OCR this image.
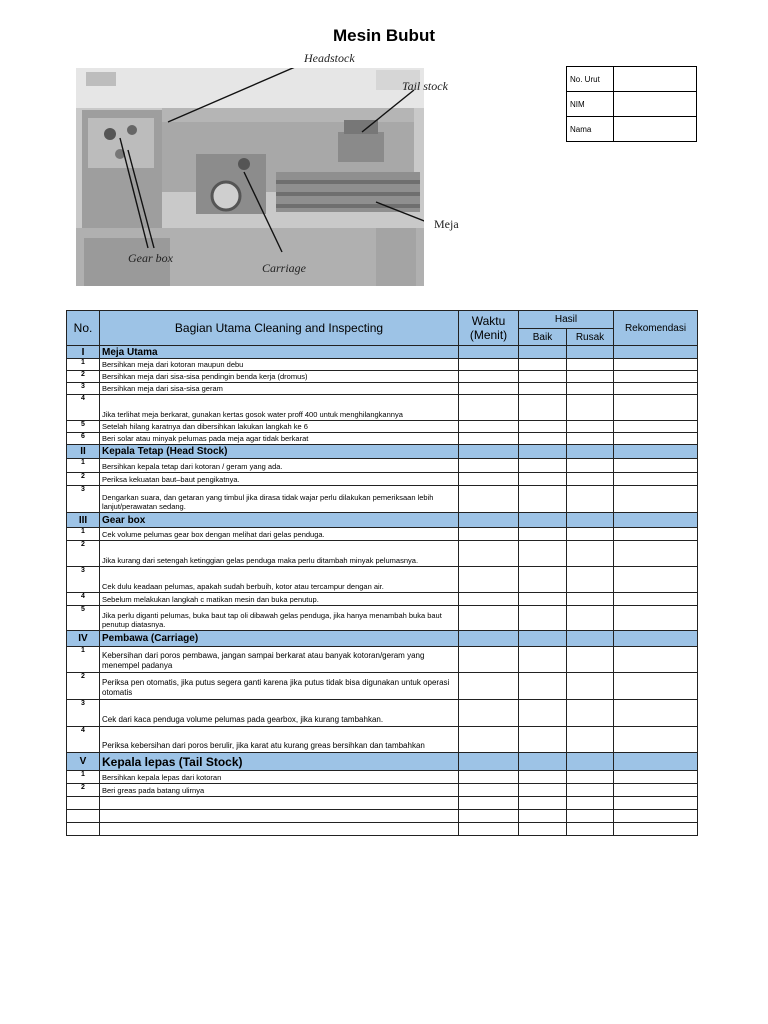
Mesin Bubut
Headstock
Tail stock
Meja
Gear box
Carriage
No. Urut	
NIM	
Nama	
No.	Bagian Utama Cleaning and Inspecting	Waktu
(Menit)	Hasil		Rekomendasi
			Baik	Rusak	
I	Meja Utama				
1	Bersihkan meja dari kotoran maupun debu				
2	Bersihkan meja dari sisa-sisa pendingin benda kerja (dromus)				
3	Bersihkan meja dari sisa-sisa geram				
4	Jika terlihat meja berkarat, gunakan kertas gosok water proff 400 untuk menghilangkannya				
5	Setelah hilang karatnya dan dibersihkan lakukan langkah ke 6				
6	Beri solar atau minyak pelumas pada meja agar tidak berkarat				
II	Kepala Tetap (Head Stock)				
1	Bersihkan kepala tetap dari kotoran / geram yang ada.				
2	Periksa kekuatan baut–baut pengikatnya.				
3	Dengarkan suara, dan getaran yang timbul jika dirasa tidak wajar perlu dilakukan pemeriksaan lebih lanjut/perawatan sedang.				
III	Gear box				
1	Cek volume pelumas gear box dengan melihat dari gelas penduga.				
2	Jika kurang dari setengah ketinggian gelas penduga maka perlu ditambah minyak pelumasnya.				
3	Cek dulu keadaan pelumas, apakah sudah berbuih, kotor atau tercampur dengan air.				
4	Sebelum melakukan langkah c matikan mesin dan buka penutup.				
5	Jika perlu diganti pelumas, buka baut tap oli dibawah gelas penduga, jika hanya menambah buka baut penutup diatasnya.				
IV	Pembawa (Carriage)				
1	Kebersihan dari poros pembawa, jangan sampai berkarat atau banyak kotoran/geram yang menempel padanya				
2	Periksa pen otomatis, jika putus segera ganti karena jika putus tidak bisa digunakan untuk operasi otomatis				
3	Cek dari kaca penduga volume pelumas pada gearbox, jika kurang tambahkan.				
4	Periksa kebersihan dari poros berulir, jika karat atu kurang greas bersihkan dan tambahkan				
V	Kepala lepas (Tail Stock)				
1	Bersihkan kepala lepas dari kotoran				
2	Beri greas pada batang ulirnya				
